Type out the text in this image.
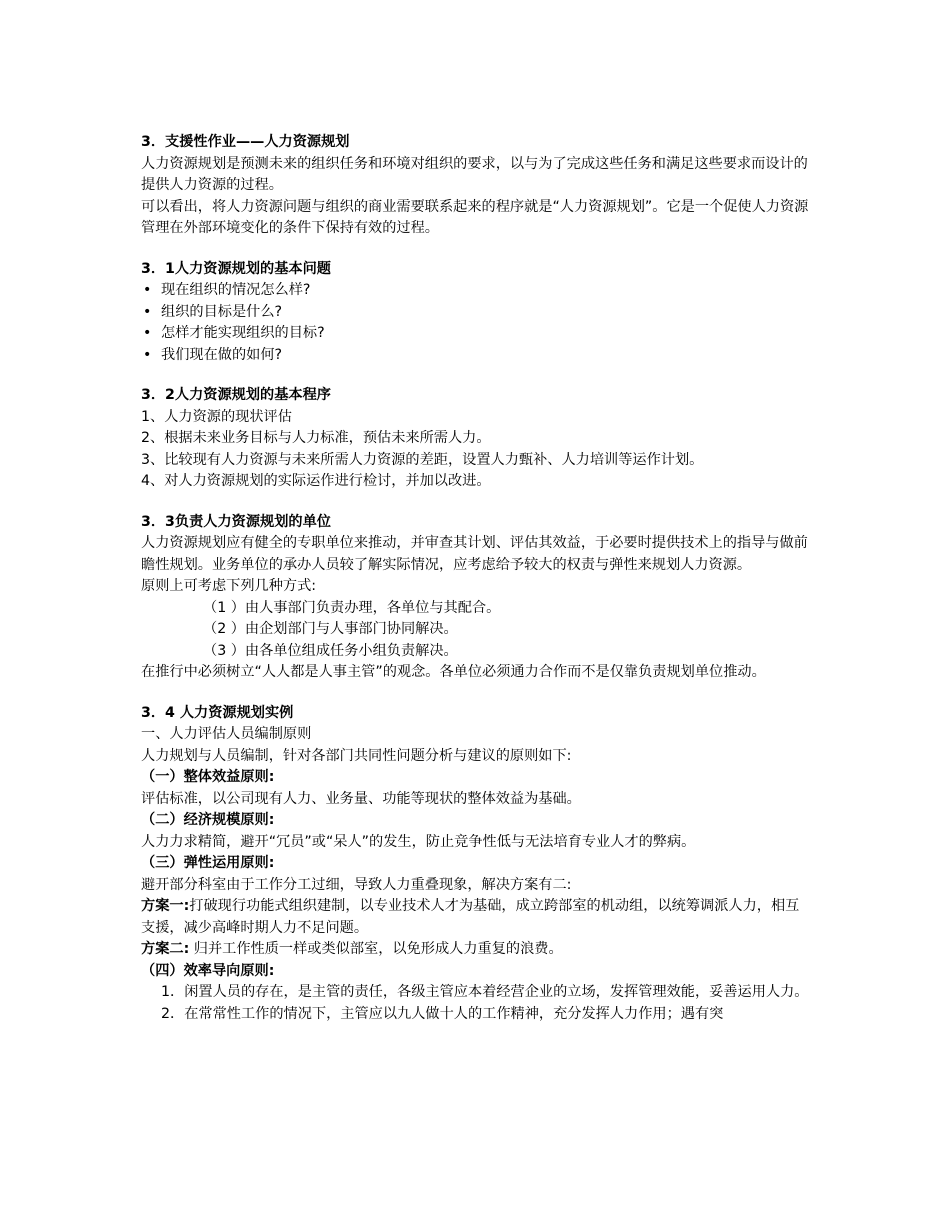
3．支援性作业——人力资源规划
人力资源规划是预测未来的组织任务和环境对组织的要求，以与为了完成这些任务和满足这些要求而设计的提供人力资源的过程。
可以看出，将人力资源问题与组织的商业需要联系起来的程序就是“人力资源规划”。它是一个促使人力资源管理在外部环境变化的条件下保持有效的过程。
3．1人力资源规划的基本问题
• 现在组织的情况怎么样?
• 组织的目标是什么?
• 怎样才能实现组织的目标?
• 我们现在做的如何?
3．2人力资源规划的基本程序
1、人力资源的现状评估
2、根据未来业务目标与人力标准，预估未来所需人力。
3、比较现有人力资源与未来所需人力资源的差距，设置人力甄补、人力培训等运作计划。
4、对人力资源规划的实际运作进行检讨，并加以改进。
3．3负责人力资源规划的单位
人力资源规划应有健全的专职单位来推动，并审查其计划、评估其效益，于必要时提供技术上的指导与做前瞻性规划。业务单位的承办人员较了解实际情况，应考虑给予较大的权责与弹性来规划人力资源。
原则上可考虑下列几种方式:
（1 ）由人事部门负责办理，各单位与其配合。
（2 ）由企划部门与人事部门协同解决。
（3 ）由各单位组成任务小组负责解决。
在推行中必须树立“人人都是人事主管”的观念。各单位必须通力合作而不是仅靠负责规划单位推动。
3．4 人力资源规划实例
一、人力评估人员编制原则
人力规划与人员编制，针对各部门共同性问题分析与建议的原则如下:
（一）整体效益原则:
评估标准，以公司现有人力、业务量、功能等现状的整体效益为基础。
（二）经济规模原则:
人力力求精简，避开“冗员”或“呆人”的发生，防止竞争性低与无法培育专业人才的弊病。
（三）弹性运用原则:
避开部分科室由于工作分工过细，导致人力重叠现象，解决方案有二:
方案一:打破现行功能式组织建制，以专业技术人才为基础，成立跨部室的机动组，以统筹调派人力，相互支援，减少高峰时期人力不足问题。
方案二: 归并工作性质一样或类似部室，以免形成人力重复的浪费。
（四）效率导向原则:
1．闲置人员的存在，是主管的责任，各级主管应本着经营企业的立场，发挥管理效能，妥善运用人力。
2．在常常性工作的情况下，主管应以九人做十人的工作精神，充分发挥人力作用；遇有突
